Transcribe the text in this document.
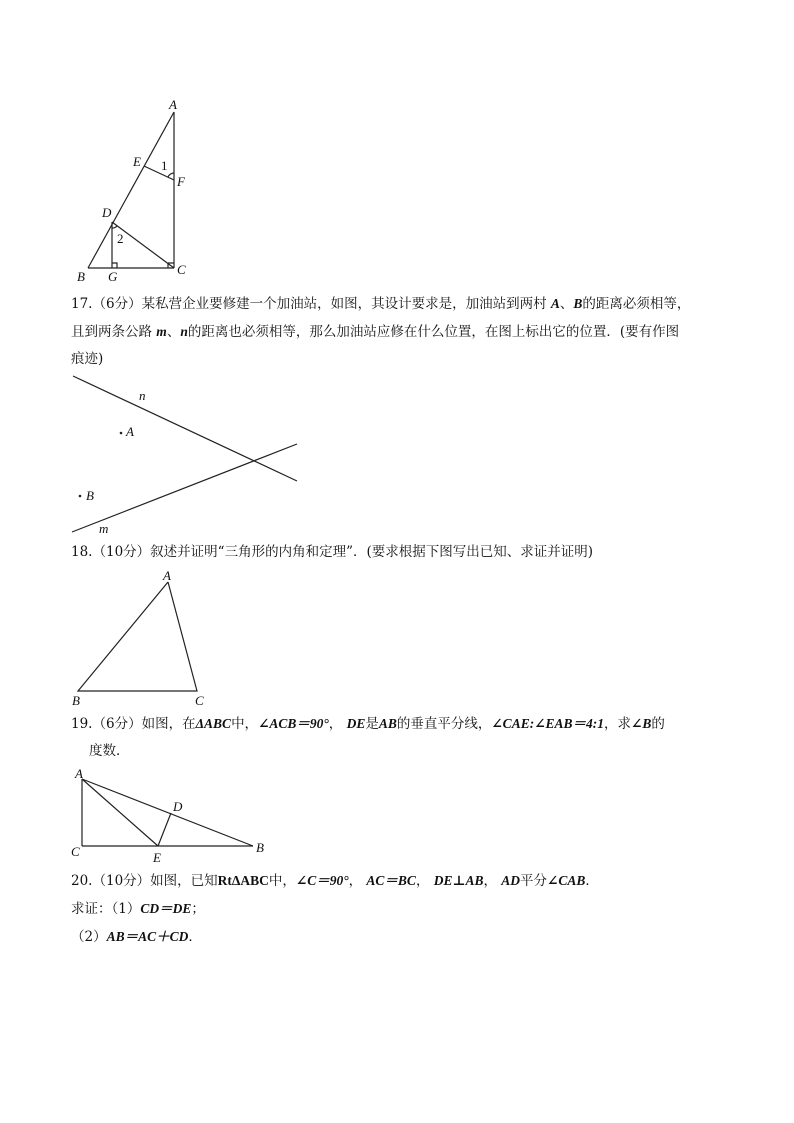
A
E
F
D
B G	C
1
2
17.（6分）某私营企业要修建一个加油站，如图，其设计要求是，加油站到两村 A、B的距离必须相等，
且到两条公路 m、n的距离也必须相等，那么加油站应修在什么位置，在图上标出它的位置．(要有作图
痕迹)
n
A
B
m
18.（10分）叙述并证明“三角形的内角和定理”．(要求根据下图写出已知、求证并证明)
A
B	C
19.（6分）如图，在ΔABC中，∠ACB＝90°， DE是AB的垂直平分线，∠CAE:∠EAB＝4:1，求∠B的
度数．
A
D
C	E
B
20.（10分）如图，已知RtΔABC中，∠C＝90°， AC＝BC， DE⊥AB， AD平分∠CAB．
求证：（1）CD＝DE；
（2）AB＝AC＋CD．
